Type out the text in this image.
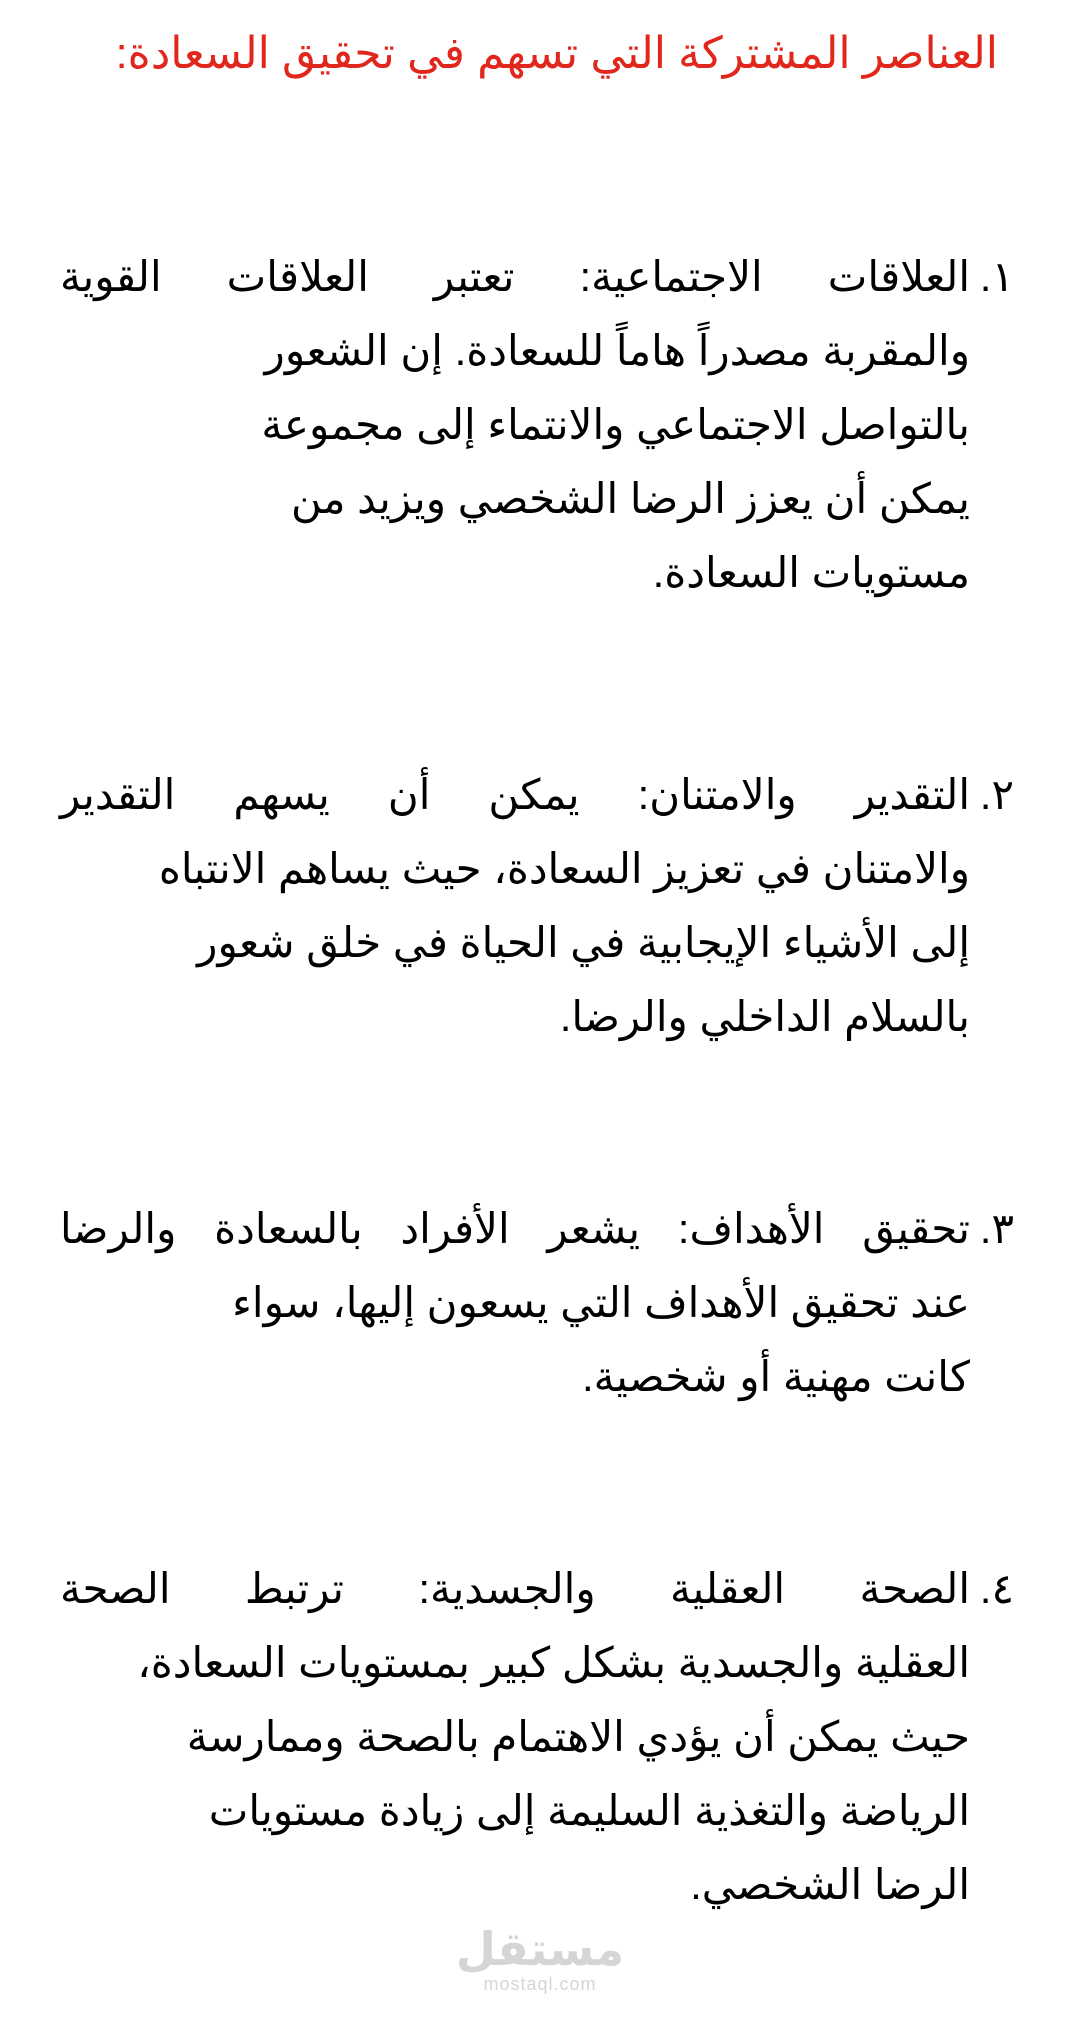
العناصر المشتركة التي تسهم في تحقيق السعادة:
١.
العلاقات الاجتماعية: تعتبر العلاقات القوية
والمقربة مصدراً هاماً للسعادة. إن الشعور
بالتواصل الاجتماعي والانتماء إلى مجموعة
يمكن أن يعزز الرضا الشخصي ويزيد من
مستويات السعادة.
٢.
التقدير والامتنان: يمكن أن يسهم التقدير
والامتنان في تعزيز السعادة، حيث يساهم الانتباه
إلى الأشياء الإيجابية في الحياة في خلق شعور
بالسلام الداخلي والرضا.
٣.
تحقيق الأهداف: يشعر الأفراد بالسعادة والرضا
عند تحقيق الأهداف التي يسعون إليها، سواء
كانت مهنية أو شخصية.
٤.
الصحة العقلية والجسدية: ترتبط الصحة
العقلية والجسدية بشكل كبير بمستويات السعادة،
حيث يمكن أن يؤدي الاهتمام بالصحة وممارسة
الرياضة والتغذية السليمة إلى زيادة مستويات
الرضا الشخصي.
مستقل
mostaql.com
